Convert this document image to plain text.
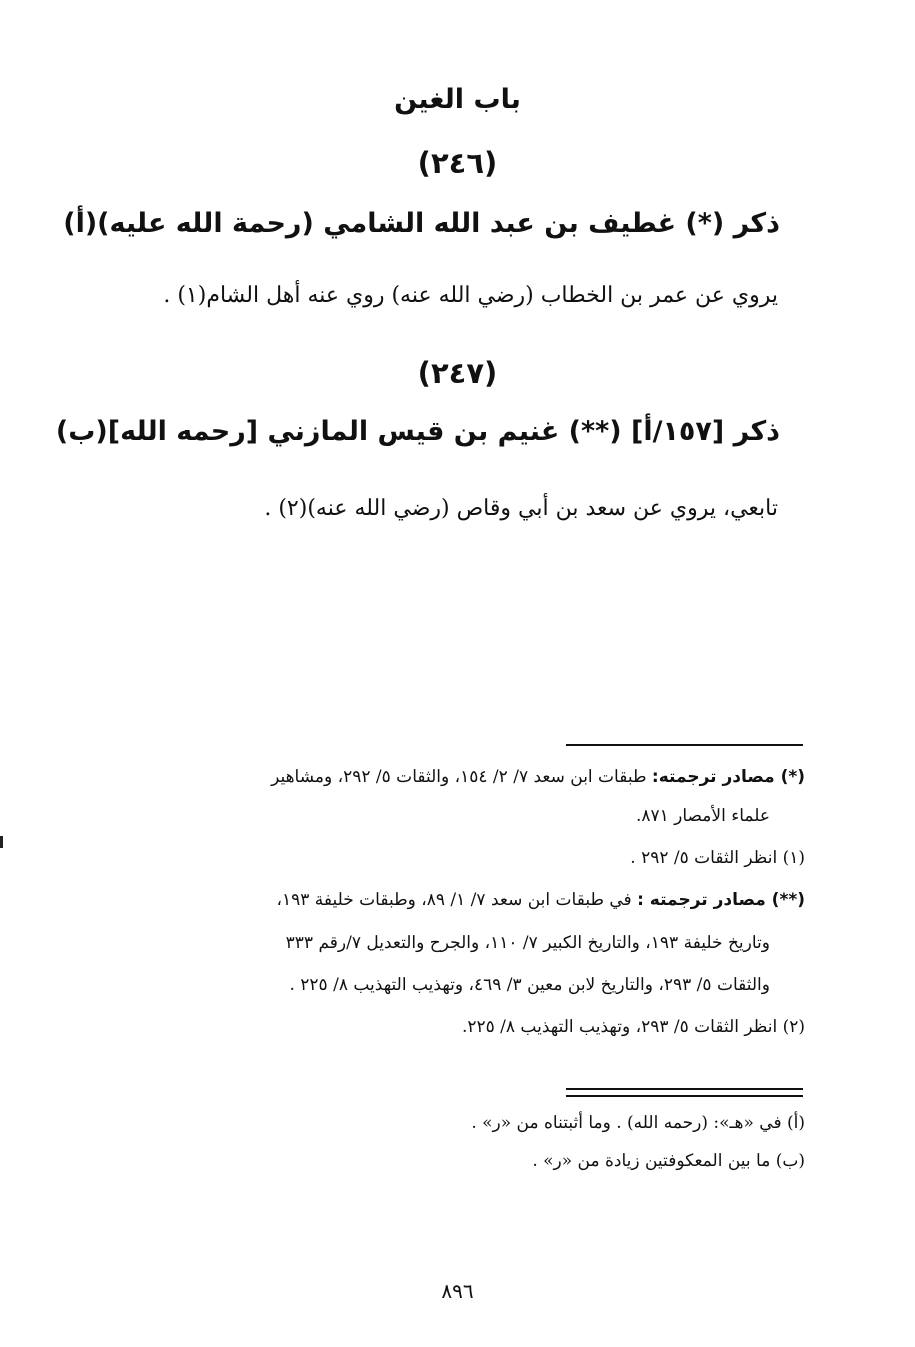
باب الغين
(٢٤٦)
ذكر (*) غطيف بن عبد الله الشامي (رحمة الله عليه)(أ)
يروي عن عمر بن الخطاب (رضي الله عنه) روي عنه أهل الشام(١) .
(٢٤٧)
ذكر [١٥٧/أ] (**) غنيم بن قيس المازني [رحمه الله](ب)
تابعي، يروي عن سعد بن أبي وقاص (رضي الله عنه)(٢) .
(*) مصادر ترجمته: طبقات ابن سعد ٧/ ٢/ ١٥٤، والثقات ٥/ ٢٩٢، ومشاهير
علماء الأمصار ٨٧١.
(١) انظر الثقات ٥/ ٢٩٢ .
(**) مصادر ترجمته : في طبقات ابن سعد ٧/ ١/ ٨٩، وطبقات خليفة ١٩٣،
وتاريخ خليفة ١٩٣، والتاريخ الكبير ٧/ ١١٠، والجرح والتعديل ٧/رقم ٣٣٣
والثقات ٥/ ٢٩٣، والتاريخ لابن معين ٣/ ٤٦٩، وتهذيب التهذيب ٨/ ٢٢٥ .
(٢) انظر الثقات ٥/ ٢٩٣، وتهذيب التهذيب ٨/ ٢٢٥.
(أ) في «هـ»: (رحمه الله) . وما أثبتناه من «ر» .
(ب) ما بين المعكوفتين زيادة من «ر» .
٨٩٦
